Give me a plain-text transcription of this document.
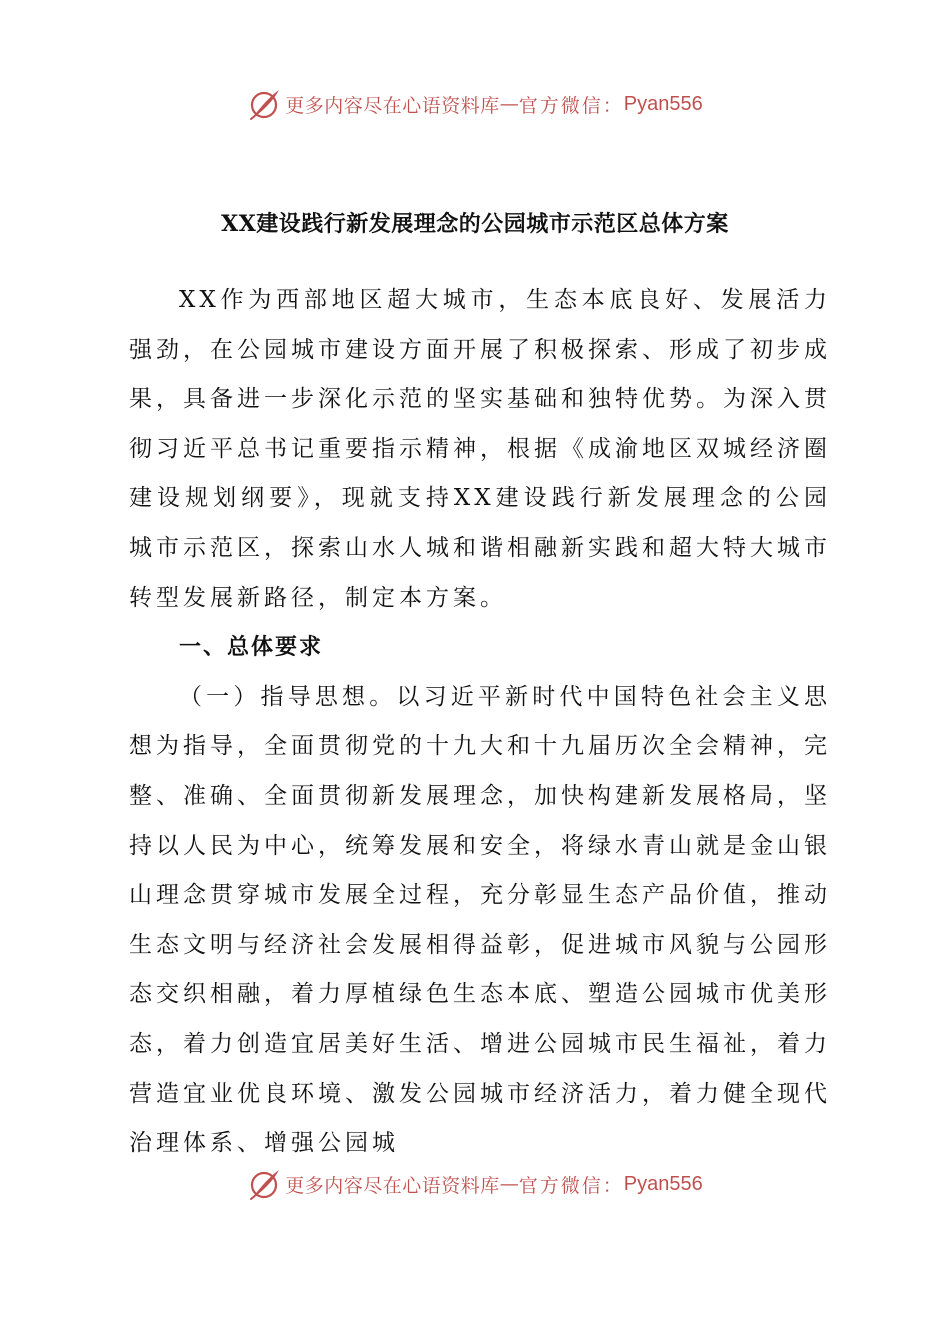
更多内容尽在心语资料库 — 官方微信： Pyan556
XX建设践行新发展理念的公园城市示范区总体方案

XX作为西部地区超大城市，生态本底良好、发展活力强劲，在公园城市建设方面开展了积极探索、形成了初步成果，具备进一步深化示范的坚实基础和独特优势。为深入贯彻习近平总书记重要指示精神，根据《成渝地区双城经济圈建设规划纲要》，现就支持XX建设践行新发展理念的公园城市示范区，探索山水人城和谐相融新实践和超大特大城市转型发展新路径，制定本方案。

一、总体要求

（一）指导思想。以习近平新时代中国特色社会主义思想为指导，全面贯彻党的十九大和十九届历次全会精神，完整、准确、全面贯彻新发展理念，加快构建新发展格局，坚持以人民为中心，统筹发展和安全，将绿水青山就是金山银山理念贯穿城市发展全过程，充分彰显生态产品价值，推动生态文明与经济社会发展相得益彰，促进城市风貌与公园形态交织相融，着力厚植绿色生态本底、塑造公园城市优美形态，着力创造宜居美好生活、增进公园城市民生福祉，着力营造宜业优良环境、激发公园城市经济活力，着力健全现代治理体系、增强公园城

更多内容尽在心语资料库 — 官方微信： Pyan556
